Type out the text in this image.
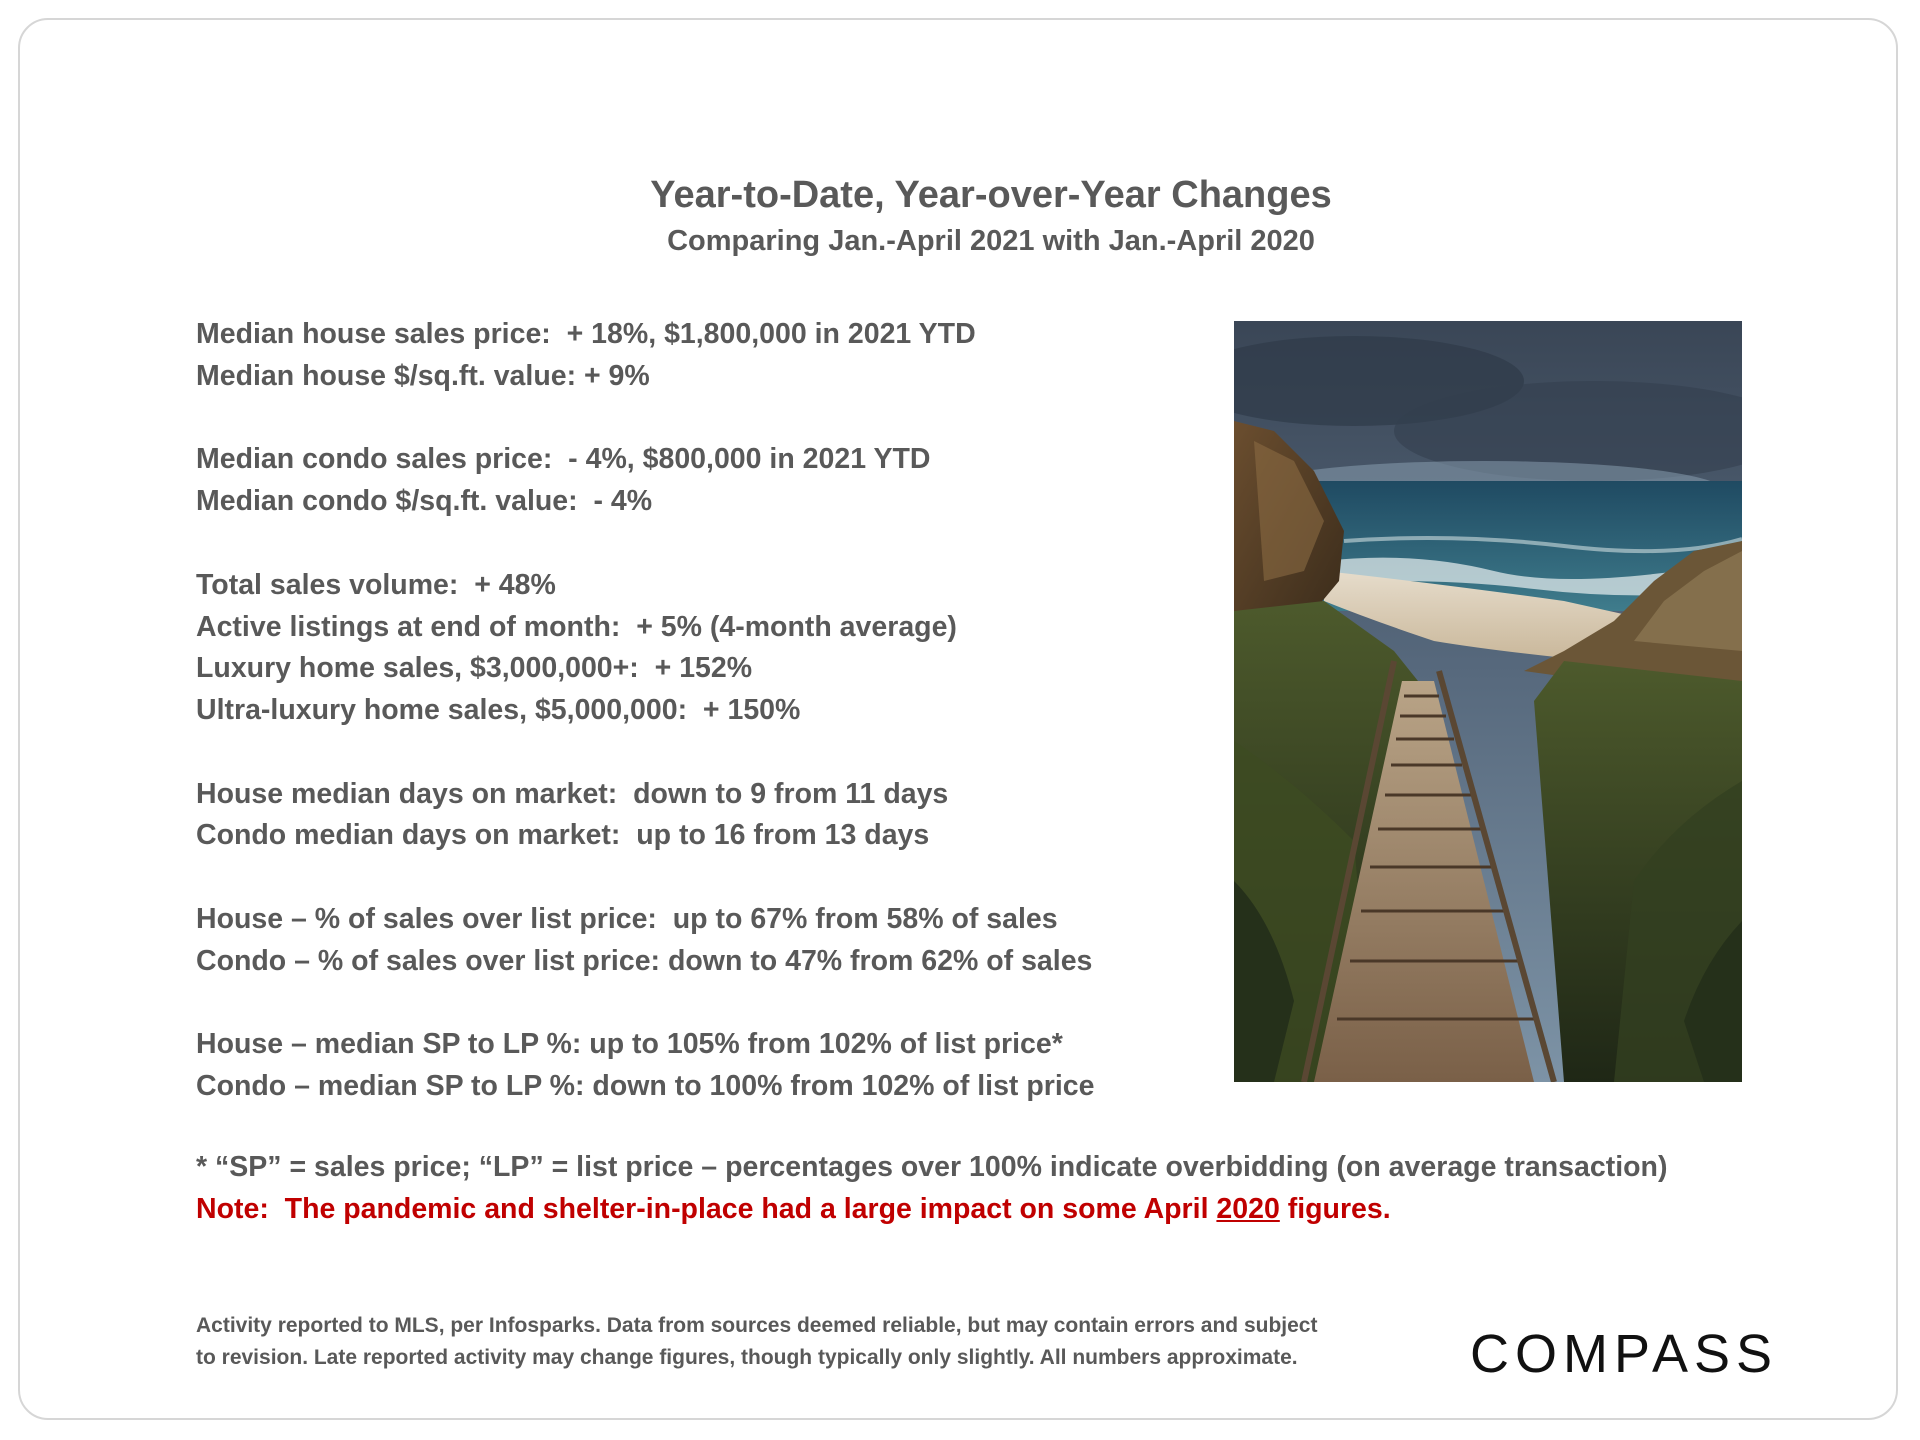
Year-to-Date, Year-over-Year Changes
Comparing Jan.-April 2021 with Jan.-April 2020
Median house sales price:  + 18%, $1,800,000 in 2021 YTD
Median house $/sq.ft. value: + 9%
Median condo sales price:  - 4%, $800,000 in 2021 YTD
Median condo $/sq.ft. value:  - 4%
Total sales volume:  + 48%
Active listings at end of month:  + 5% (4-month average)
Luxury home sales, $3,000,000+:  + 152%
Ultra-luxury home sales, $5,000,000:  + 150%
House median days on market:  down to 9 from 11 days
Condo median days on market:  up to 16 from 13 days
House – % of sales over list price:  up to 67% from 58% of sales
Condo – % of sales over list price: down to 47% from 62% of sales
House – median SP to LP %: up to 105% from 102% of list price*
Condo – median SP to LP %: down to 100% from 102% of list price
* “SP” = sales price; “LP” = list price – percentages over 100% indicate overbidding (on average transaction)
Note:  The pandemic and shelter-in-place had a large impact on some April 2020 figures.
Activity reported to MLS, per Infosparks. Data from sources deemed reliable, but may contain errors and subject
to revision. Late reported activity may change figures, though typically only slightly. All numbers approximate.	COMPASS
